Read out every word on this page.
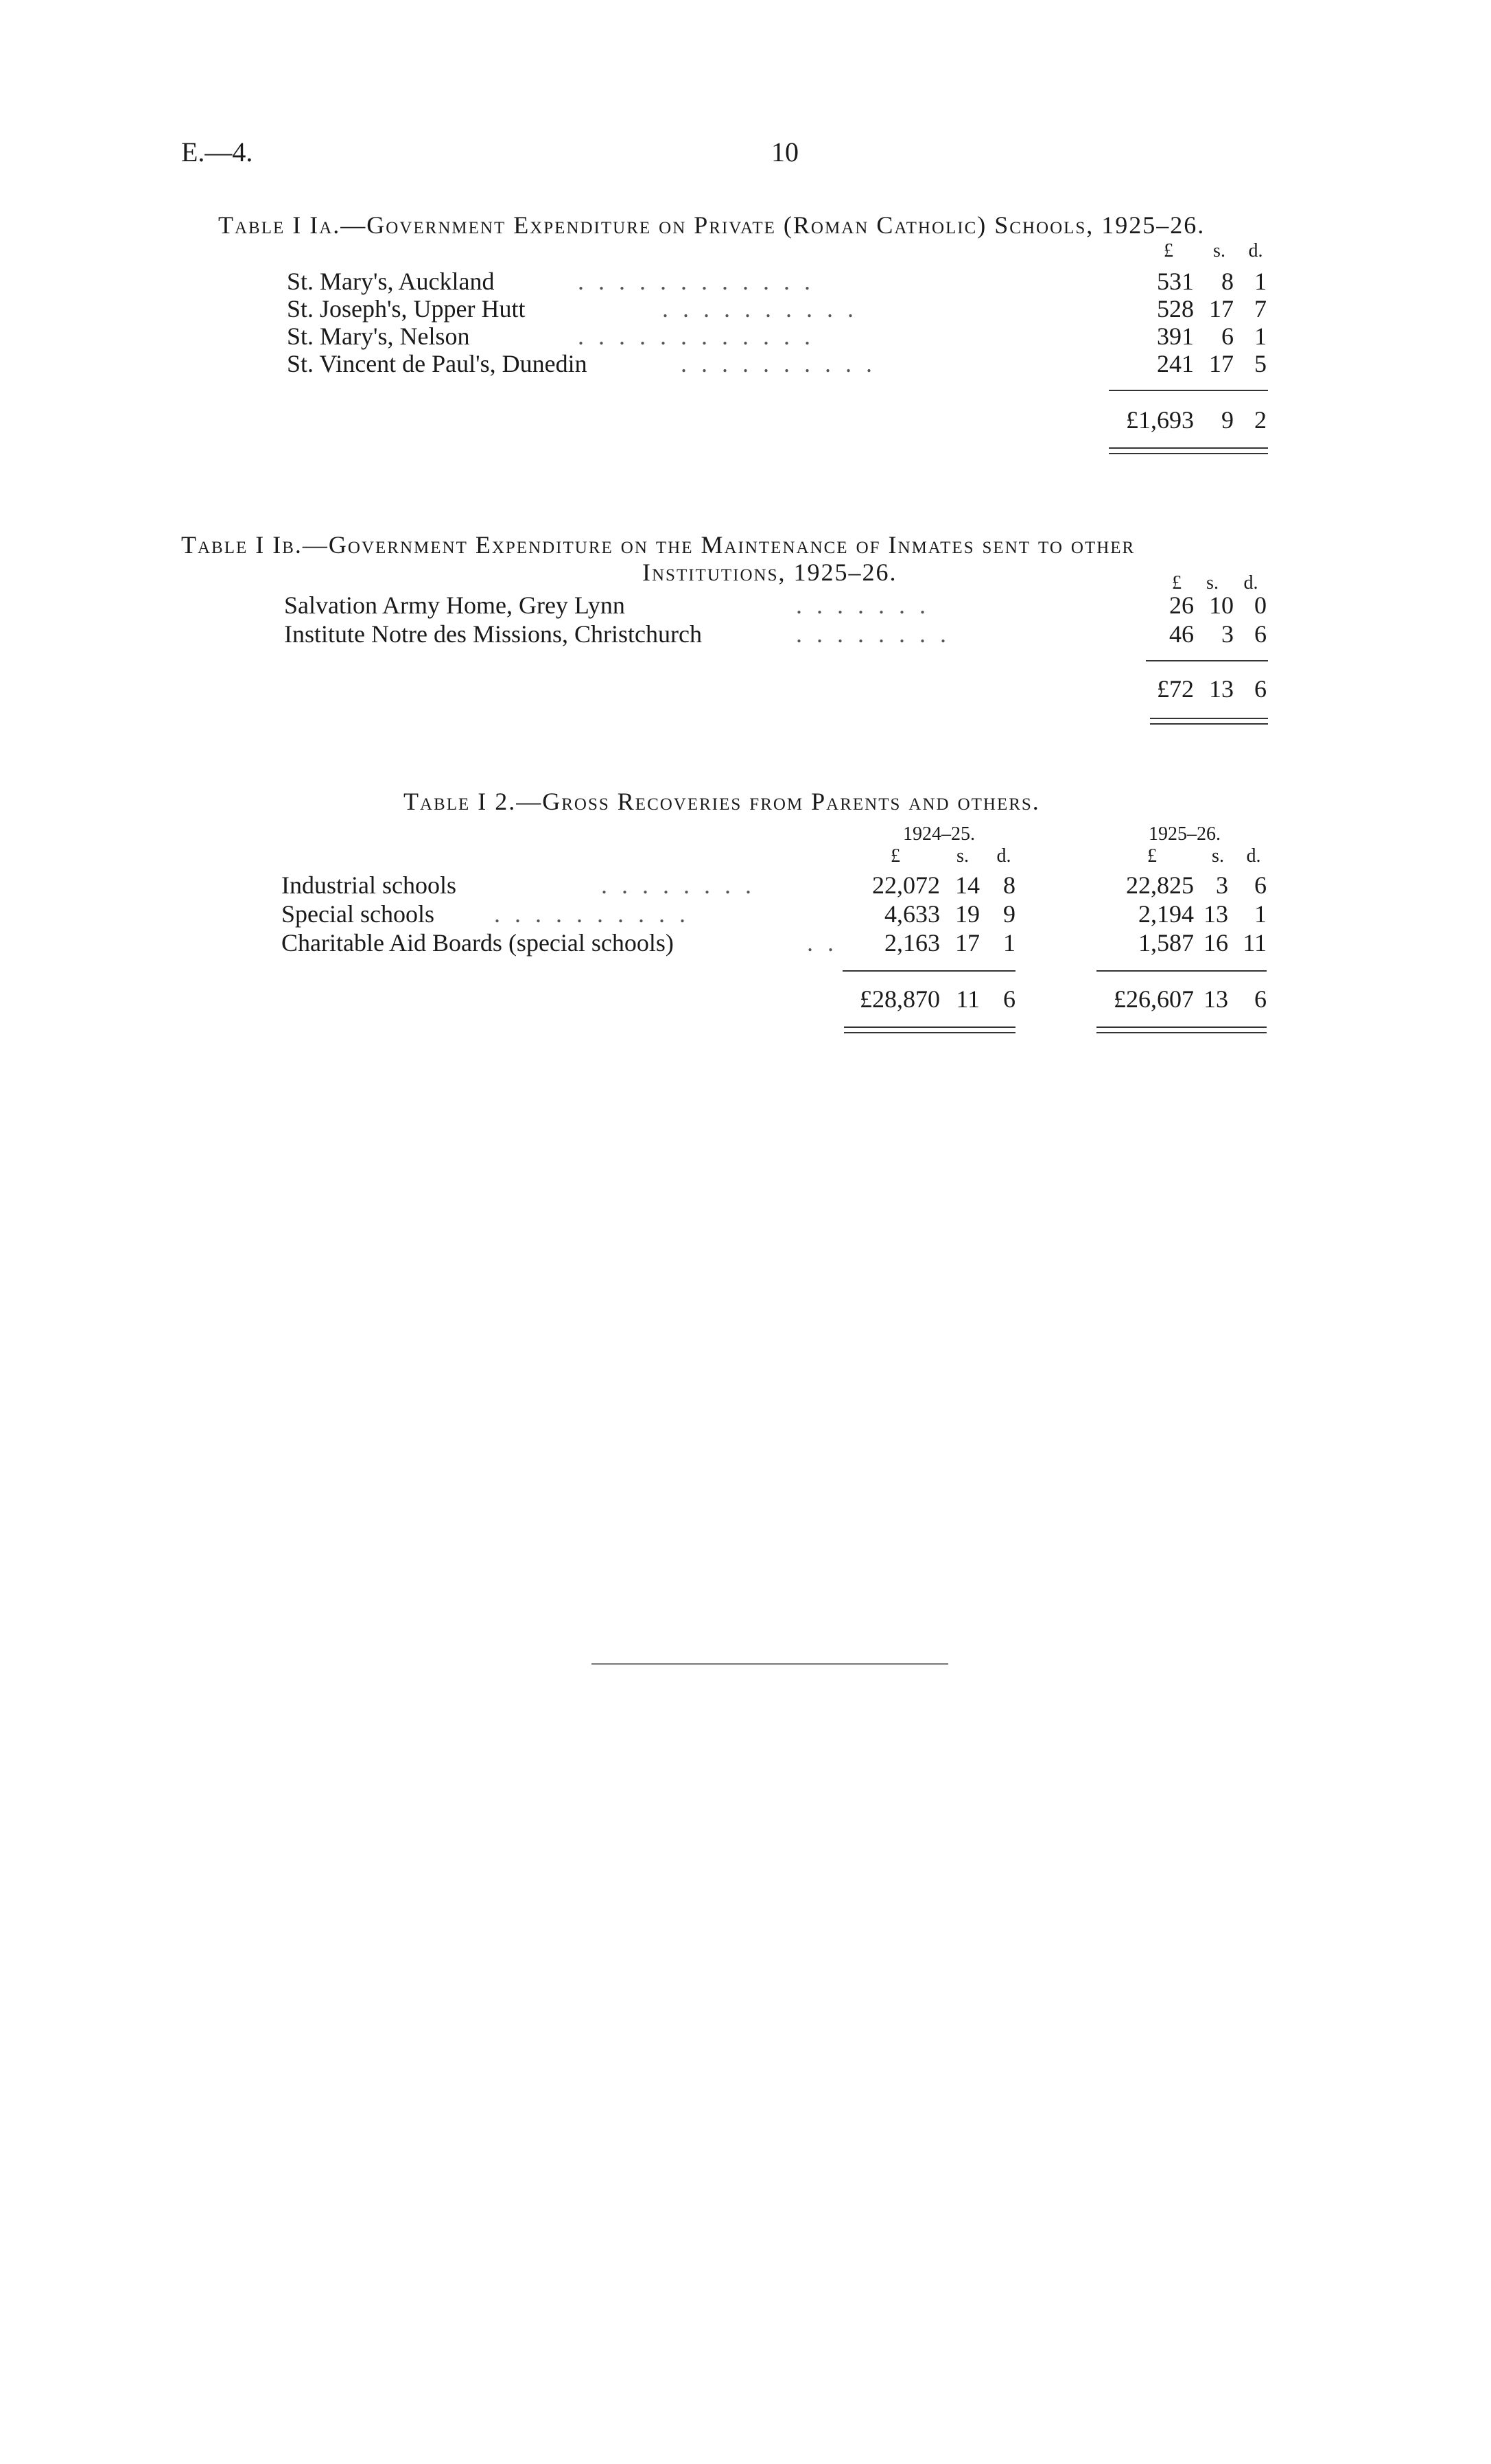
E.—4.	10
Table I Ia.—Government Expenditure on Private (Roman Catholic) Schools, 1925–26.
£ s. d.
St. Mary's, Auckland	. . . . . . . . . . . .	531	8 1
St. Joseph's, Upper Hutt	. . . . . . . . . .	528 17 7
St. Mary's, Nelson	. . . . . . . . . . . .	391	6 1
St. Vincent de Paul's, Dunedin	. . . . . . . . . .	241 17 5
£1,693	9 2
Table I Ib.—Government Expenditure on the Maintenance of Inmates sent to other
Institutions, 1925–26.	£ s. d.
Salvation Army Home, Grey Lynn	. . . . . . .	26 10 0
Institute Notre des Missions, Christchurch	. . . . . . . .	46	3 6
£72 13 6
Table I 2.—Gross Recoveries from Parents and others.
1924–25.	1925–26.
£	s. d.	£	s. d.
Industrial schools	. . . . . . . .	22,072 14 8	22,825 3	6
Special schools . . . . . . . . . .	4,633 19 9	2,194 13	1
Charitable Aid Boards (special schools)	. .	2,163 17 1	1,587 16 11
£28,870 11 6	£26,607 13	6
